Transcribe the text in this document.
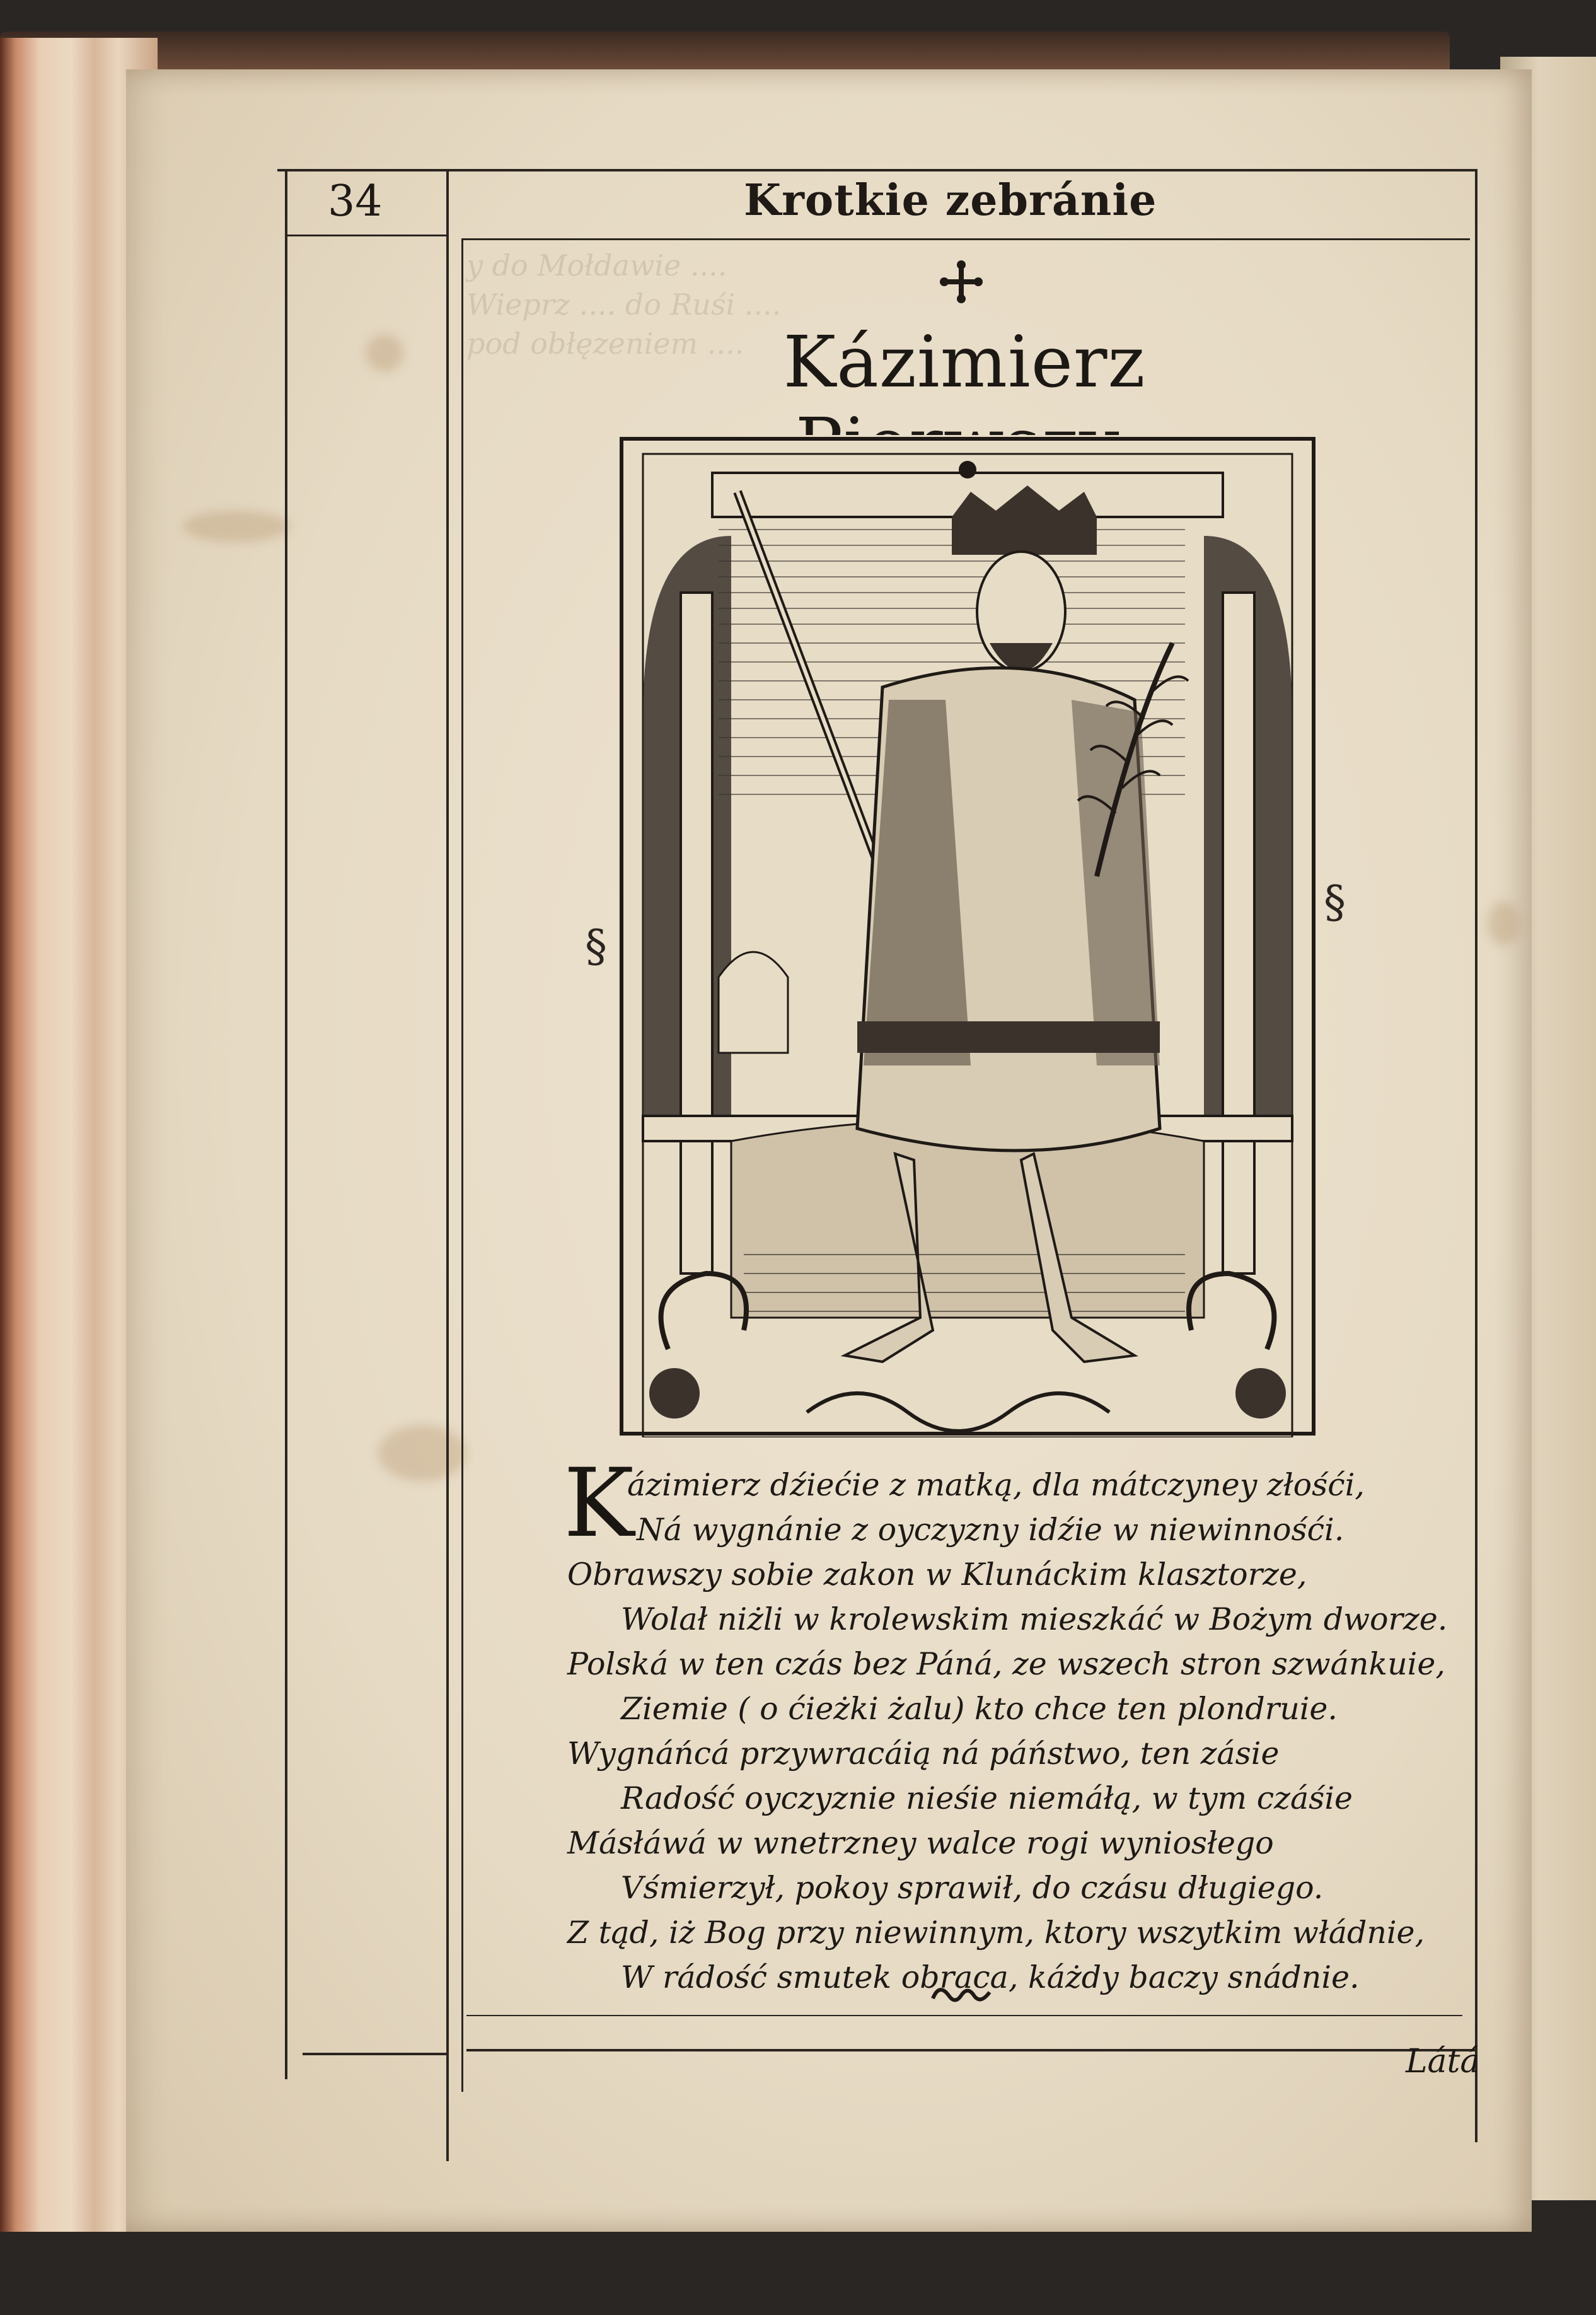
y do Mołdawie ....
Wieprz .... do Ruśi ....
pod obłęzeniem ....
34	Krotkie zebránie
Kázimierz
§
§
K
ázimierz dźiećie z matką, dla mátczyney złośći,
Ná wygnánie z oyczyzny idźie w niewinnośći.
Obrawszy sobie zakon w Klunáckim klasztorze,
Wolał niżli w krolewskim mieszkáć w Bożym dworze.
Polská w ten czás bez Páná, ze wszech stron szwánkuie,
Ziemie ( o ćieżki żalu) kto chce ten plondruie.
Wygnáńcá przywracáią ná páństwo, ten zásie
Radość oyczyznie nieśie niemáłą, w tym czáśie
Másłáwá w wnetrzney walce rogi wyniosłego
Vśmierzył, pokoy sprawił, do czásu długiego.
Z tąd, iż Bog przy niewinnym, ktory wszytkim włádnie,
W rádość smutek obraca, káżdy baczy snádnie.
Látá
